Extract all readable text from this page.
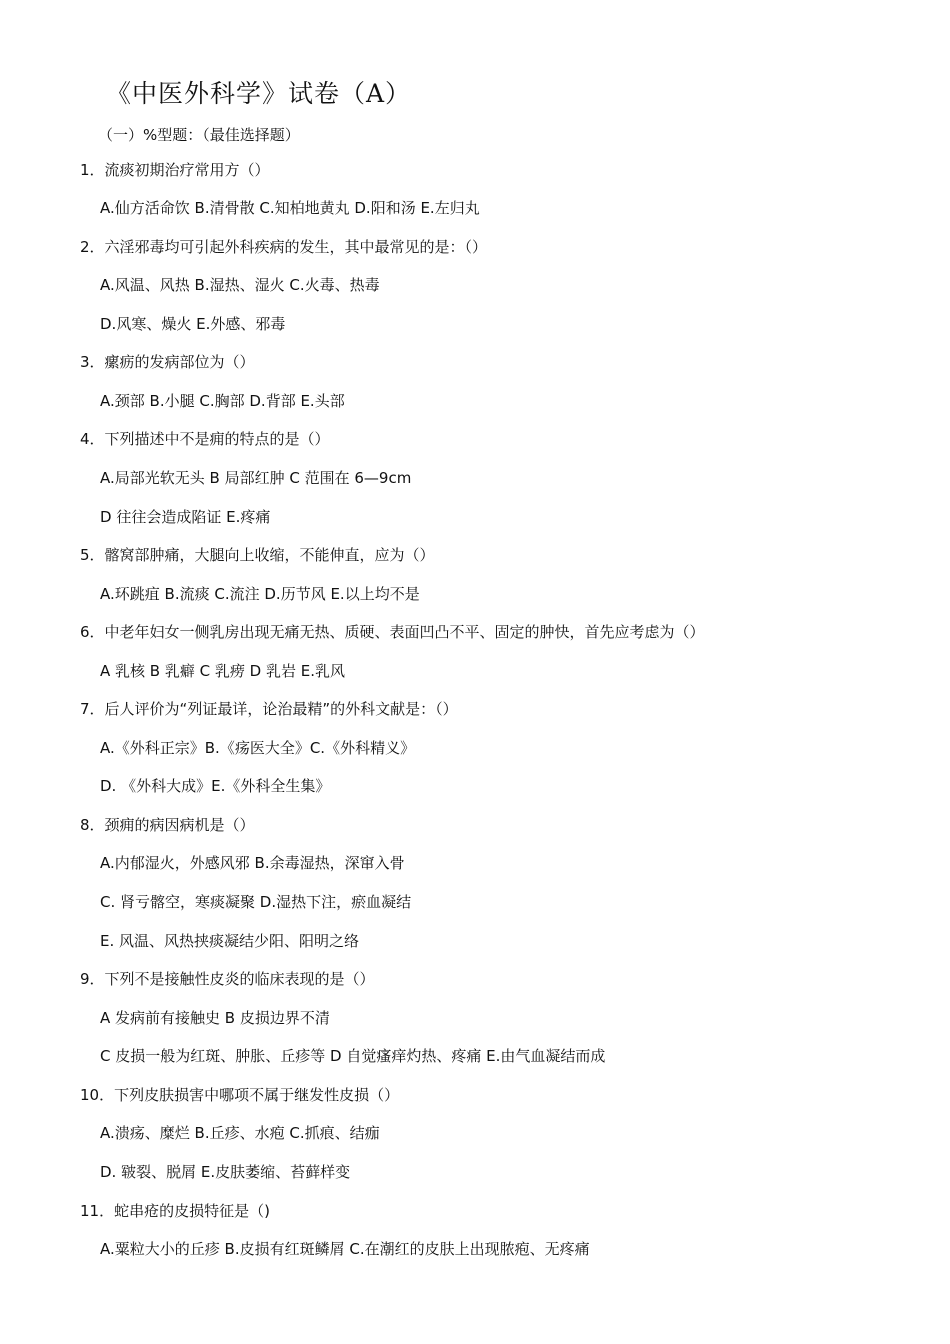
《中医外科学》试卷（A）
（一）%型题：（最佳选择题）
1．流痰初期治疗常用方（）
A.仙方活命饮 B.清骨散 C.知柏地黄丸 D.阳和汤 E.左归丸
2．六淫邪毒均可引起外科疾病的发生，其中最常见的是：（）
A.风温、风热 B.湿热、湿火 C.火毒、热毒
D.风寒、燥火 E.外感、邪毒
3．瘰疬的发病部位为（）
A.颈部 B.小腿 C.胸部 D.背部 E.头部
4．下列描述中不是痈的特点的是（）
A.局部光软无头 B 局部红肿 C 范围在 6—9cm
D 往往会造成陷证 E.疼痛
5．髂窝部肿痛，大腿向上收缩，不能伸直，应为（）
A.环跳疽 B.流痰 C.流注 D.历节风 E.以上均不是
6．中老年妇女一侧乳房出现无痛无热、质硬、表面凹凸不平、固定的肿快，首先应考虑为（）
A 乳核 B 乳癖 C 乳痨 D 乳岩 E.乳风
7．后人评价为“列证最详，论治最精”的外科文献是：（）
A.《外科正宗》B.《疡医大全》C.《外科精义》
D. 《外科大成》E.《外科全生集》
8．颈痈的病因病机是（）
A.内郁湿火，外感风邪 B.余毒湿热，深窜入骨
C. 肾亏髂空，寒痰凝聚 D.湿热下注，瘀血凝结
E. 风温、风热挟痰凝结少阳、阳明之络
9．下列不是接触性皮炎的临床表现的是（）
A 发病前有接触史 B 皮损边界不清
C 皮损一般为红斑、肿胀、丘疹等 D 自觉瘙痒灼热、疼痛 E.由气血凝结而成
10．下列皮肤损害中哪项不属于继发性皮损（）
A.溃疡、糜烂 B.丘疹、水疱 C.抓痕、结痂
D. 皲裂、脱屑 E.皮肤萎缩、苔藓样变
11．蛇串疮的皮损特征是（)
A.粟粒大小的丘疹 B.皮损有红斑鳞屑 C.在潮红的皮肤上出现脓疱、无疼痛
